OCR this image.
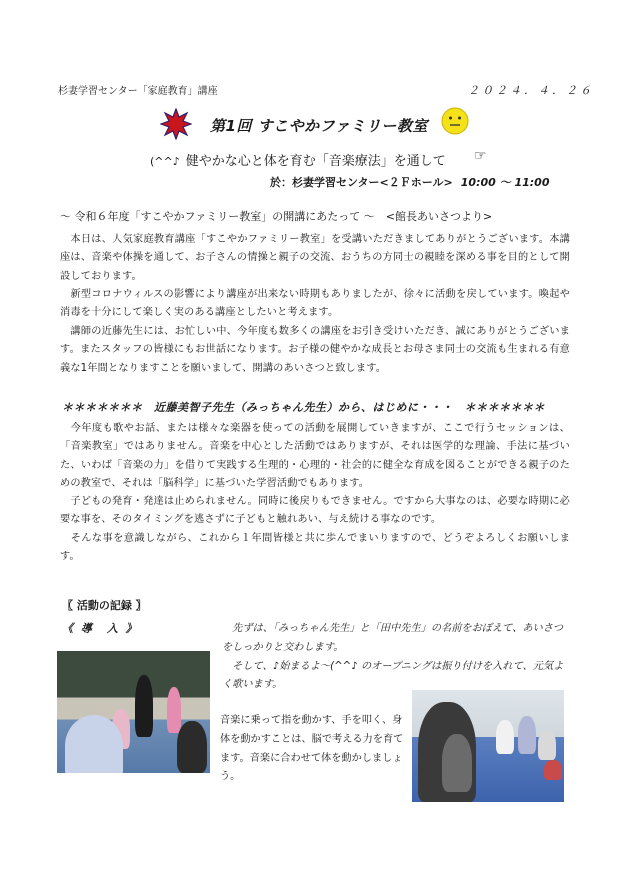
杉妻学習センター「家庭教育」講座	２０２４．４．２６
第1回 すこやかファミリー教室
(^^♪ 健やかな心と体を育む「音楽療法」を通して ☞
於：杉妻学習センター<２Ｆホール> 10:00 ～ 11:00
～ 令和６年度「すこやかファミリー教室」の開講にあたって ～　<館長あいさつより>
　本日は、人気家庭教育講座「すこやかファミリー教室」を受講いただきましてありがとうございます。本講座は、音楽や体操を通して、お子さんの情操と親子の交流、おうちの方同士の親睦を深める事を目的として開設しております。
　新型コロナウィルスの影響により講座が出来ない時期もありましたが、徐々に活動を戻しています。喚起や消毒を十分にして楽しく実のある講座としたいと考えます。
　講師の近藤先生には、お忙しい中、今年度も数多くの講座をお引き受けいただき、誠にありがとうございます。またスタッフの皆様にもお世話になります。お子様の健やかな成長とお母さま同士の交流も生まれる有意義な1年間となりますことを願いまして、開講のあいさつと致します。
＊＊＊＊＊＊＊　近藤美智子先生（みっちゃん先生）から、はじめに・・・　＊＊＊＊＊＊＊
　今年度も歌やお話、または様々な楽器を使っての活動を展開していきますが、ここで行うセッションは、「音楽教室」ではありません。音楽を中心とした活動ではありますが、それは医学的な理論、手法に基づいた、いわば「音楽の力」を借りて実践する生理的・心理的・社会的に健全な育成を図ることができる親子のための教室で、それは「脳科学」に基づいた学習活動でもあります。
　子どもの発育・発達は止められません。同時に後戻りもできません。ですから大事なのは、必要な時期に必要な事を、そのタイミングを逃さずに子どもと触れあい、与え続ける事なのです。
　そんな事を意識しながら、これから１年間皆様と共に歩んでまいりますので、どうぞよろしくお願いします。
〖 活動の記録 〗
《 導　入 》	　先ずは、「みっちゃん先生」と「田中先生」の名前をおぼえて、あいさつをしっかりと交わします。
　そして、♪始まるよ～(^^♪ のオープニングは振り付けを入れて、元気よく歌います。
音楽に乗って指を動かす、手を叩く、身体を動かすことは、脳で考える力を育てます。音楽に合わせて体を動かしましょう。
